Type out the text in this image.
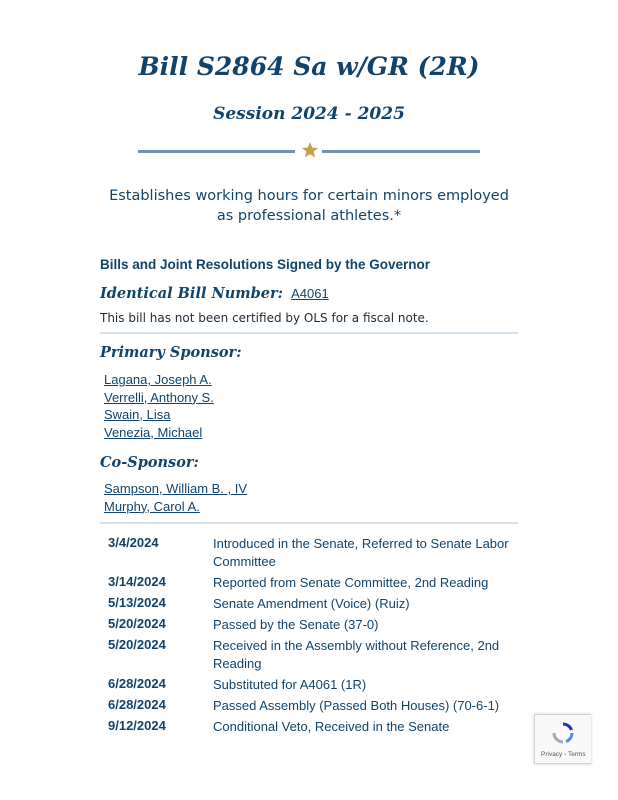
Bill S2864 Sa w/GR (2R)
Session 2024 - 2025
Establishes working hours for certain minors employed as professional athletes.*
Bills and Joint Resolutions Signed by the Governor
Identical Bill Number: A4061
This bill has not been certified by OLS for a fiscal note.
Primary Sponsor:
Lagana, Joseph A.
Verrelli, Anthony S.
Swain, Lisa
Venezia, Michael
Co-Sponsor:
Sampson, William B. , IV
Murphy, Carol A.
3/4/2024	Introduced in the Senate, Referred to Senate Labor Committee
3/14/2024	Reported from Senate Committee, 2nd Reading
5/13/2024	Senate Amendment (Voice) (Ruiz)
5/20/2024	Passed by the Senate (37-0)
5/20/2024	Received in the Assembly without Reference, 2nd Reading
6/28/2024	Substituted for A4061 (1R)
6/28/2024	Passed Assembly (Passed Both Houses) (70-6-1)
9/12/2024	Conditional Veto, Received in the Senate
Privacy - Terms
